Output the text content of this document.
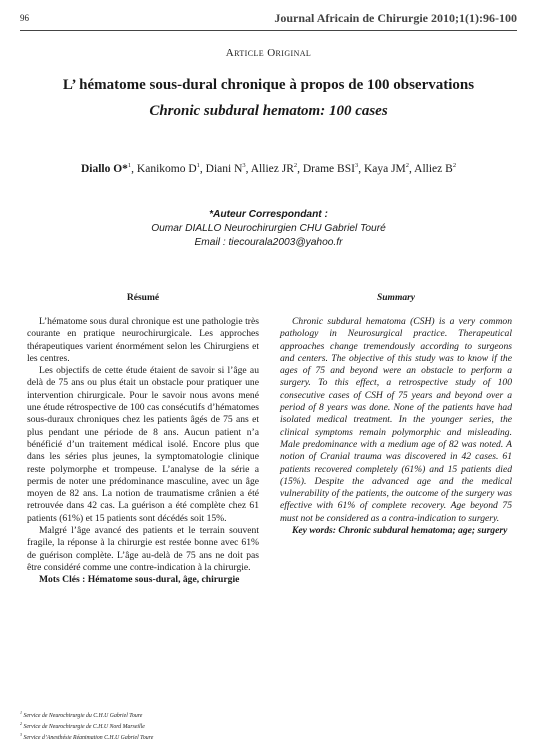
96	Journal Africain de Chirurgie 2010;1(1):96-100
Article Original
L’ hématome sous-dural chronique à propos de 100 observations
Chronic subdural hematom: 100 cases
Diallo O*$^1$, Kanikomo $D^1$, Diani $N^3$, Alliez $JR^2$, Drame BSI$^3$, Kaya $JM^2$, Alliez $B^2$
*Auteur Correspondant :
Oumar DIALLO Neurochirurgien CHU Gabriel Touré
Email : tiecourala2003@yahoo.fr
Résumé	Summary

L’hématome sous dural chronique est une pathologie très courante en pratique neurochirurgicale. Les approches thérapeutiques varient énormément selon les Chirurgiens et les centres.

Les objectifs de cette étude étaient de savoir si l’âge au delà de 75 ans ou plus était un obstacle pour pratiquer une intervention chirurgicale. Pour le savoir nous avons mené une étude rétrospective de 100 cas consécutifs d’hématomes sous-duraux chroniques chez les patients âgés de 75 ans et plus pendant une période de 8 ans. Aucun patient n’a bénéficié d’un traitement médical isolé. Encore plus que dans les séries plus jeunes, la symptomatologie clinique reste polymorphe et trompeuse. L’analyse de la série a permis de noter une prédominance masculine, avec un âge moyen de 82 ans. La notion de traumatisme crânien a été retrouvée dans 42 cas. La guérison a été complète chez 61 patients (61%) et 15 patients sont décédés soit 15%.

Malgré l’âge avancé des patients et le terrain souvent fragile, la réponse à la chirurgie est restée bonne avec 61% de guérison complète. L’âge au-delà de 75 ans ne doit pas être considéré comme une contre-indication à la chirurgie.

Mots Clés : Hématome sous-dural, âge, chirurgie

Chronic subdural hematoma (CSH) is a very common pathology in Neurosurgical practice. Therapeutical approaches change tremendously according to surgeons and centers. The objective of this study was to know if the ages of 75 and beyond were an obstacle to perform a surgery. To this effect, a retrospective study of 100 consecutive cases of CSH of 75 years and beyond over a period of 8 years was done. None of the patients have had isolated medical treatment. In the younger series, the clinical symptoms remain polymorphic and misleading. Male predominance with a medium age of 82 was noted. A notion of Cranial trauma was discovered in 42 cases. 61 patients recovered completely (61%) and 15 patients died (15%). Despite the advanced age and the medical vulnerability of the patients, the outcome of the surgery was effective with 61% of complete recovery. Age beyond 75 must not be considered as a contra-indication to surgery.

Key words: Chronic subdural hematoma; age; surgery
$^1$ Service de Neurochirurgie du C.H.U Gabriel Toure
$^2$ Service de Neurochirurgie de C.H.U Nord Marseille
$^3$ Service d’Anesthésie Réanimation C.H.U Gabriel Toure
